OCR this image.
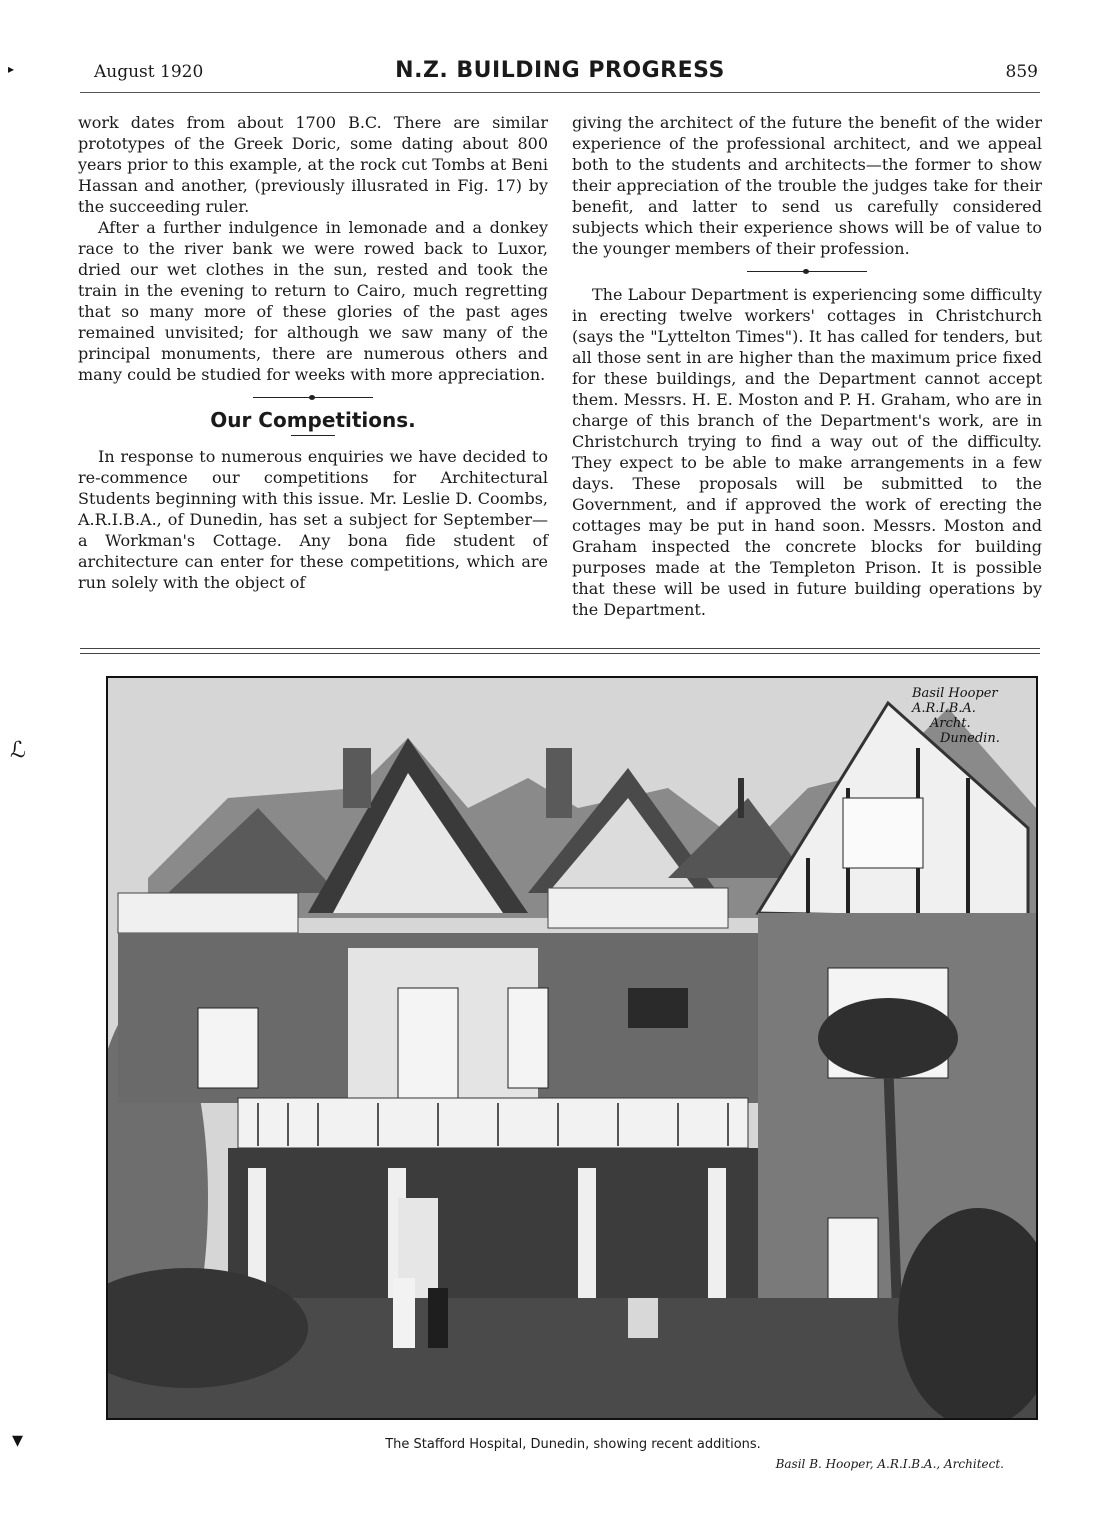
▸
ℒ
▾
August 1920	N.Z. BUILDING PROGRESS	859

work dates from about 1700 B.C. There are similar prototypes of the Greek Doric, some dating about 800 years prior to this example, at the rock cut Tombs at Beni Hassan and another, (previously illusrated in Fig. 17) by the succeeding ruler.

After a further indulgence in lemonade and a donkey race to the river bank we were rowed back to Luxor, dried our wet clothes in the sun, rested and took the train in the evening to return to Cairo, much regretting that so many more of these glories of the past ages remained unvisited; for although we saw many of the principal monuments, there are numerous others and many could be studied for weeks with more appreciation.

Our Competitions.

In response to numerous enquiries we have decided to re-commence our competitions for Architectural Students beginning with this issue. Mr. Leslie D. Coombs, A.R.I.B.A., of Dunedin, has set a subject for September—a Workman's Cottage. Any bona fide student of architecture can enter for these competitions, which are run solely with the object of

giving the architect of the future the benefit of the wider experience of the professional architect, and we appeal both to the students and architects—the former to show their appreciation of the trouble the judges take for their benefit, and latter to send us carefully considered subjects which their experience shows will be of value to the younger members of their profession.

The Labour Department is experiencing some difficulty in erecting twelve workers' cottages in Christchurch (says the "Lyttelton Times"). It has called for tenders, but all those sent in are higher than the maximum price fixed for these buildings, and the Department cannot accept them. Messrs. H. E. Moston and P. H. Graham, who are in charge of this branch of the Department's work, are in Christchurch trying to find a way out of the difficulty. They expect to be able to make arrangements in a few days. These proposals will be submitted to the Government, and if approved the work of erecting the cottages may be put in hand soon. Messrs. Moston and Graham inspected the concrete blocks for building purposes made at the Templeton Prison. It is possible that these will be used in future building operations by the Department.

Basil Hooper
A.R.I.B.A.
Archt.
Dunedin.
The Stafford Hospital, Dunedin, showing recent additions.
Basil B. Hooper, A.R.I.B.A., Architect.
